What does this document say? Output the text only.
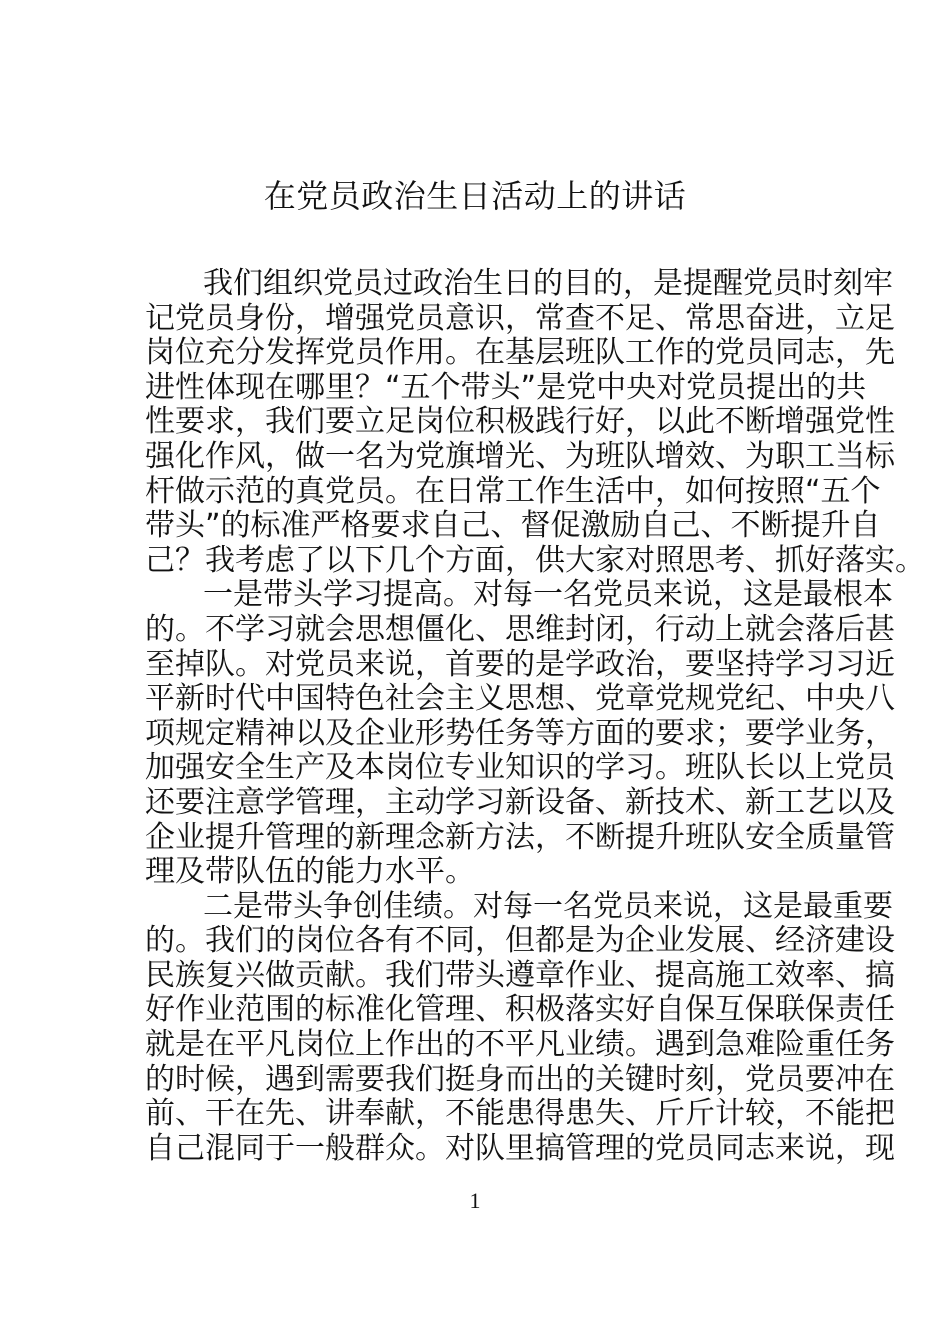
在党员政治生日活动上的讲话
我们组织党员过政治生日的目的，是提醒党员时刻牢
记党员身份，增强党员意识，常查不足、常思奋进，立足
岗位充分发挥党员作用。在基层班队工作的党员同志，先
进性体现在哪里？“五个带头”是党中央对党员提出的共
性要求，我们要立足岗位积极践行好，以此不断增强党性
强化作风，做一名为党旗增光、为班队增效、为职工当标
杆做示范的真党员。在日常工作生活中，如何按照“五个
带头”的标准严格要求自己、督促激励自己、不断提升自
己？我考虑了以下几个方面，供大家对照思考、抓好落实。
一是带头学习提高。对每一名党员来说，这是最根本
的。不学习就会思想僵化、思维封闭，行动上就会落后甚
至掉队。对党员来说，首要的是学政治，要坚持学习习近
平新时代中国特色社会主义思想、党章党规党纪、中央八
项规定精神以及企业形势任务等方面的要求；要学业务，
加强安全生产及本岗位专业知识的学习。班队长以上党员
还要注意学管理，主动学习新设备、新技术、新工艺以及
企业提升管理的新理念新方法，不断提升班队安全质量管
理及带队伍的能力水平。
二是带头争创佳绩。对每一名党员来说，这是最重要
的。我们的岗位各有不同，但都是为企业发展、经济建设
民族复兴做贡献。我们带头遵章作业、提高施工效率、搞
好作业范围的标准化管理、积极落实好自保互保联保责任
就是在平凡岗位上作出的不平凡业绩。遇到急难险重任务
的时候，遇到需要我们挺身而出的关键时刻，党员要冲在
前、干在先、讲奉献，不能患得患失、斤斤计较，不能把
自己混同于一般群众。对队里搞管理的党员同志来说，现
1
